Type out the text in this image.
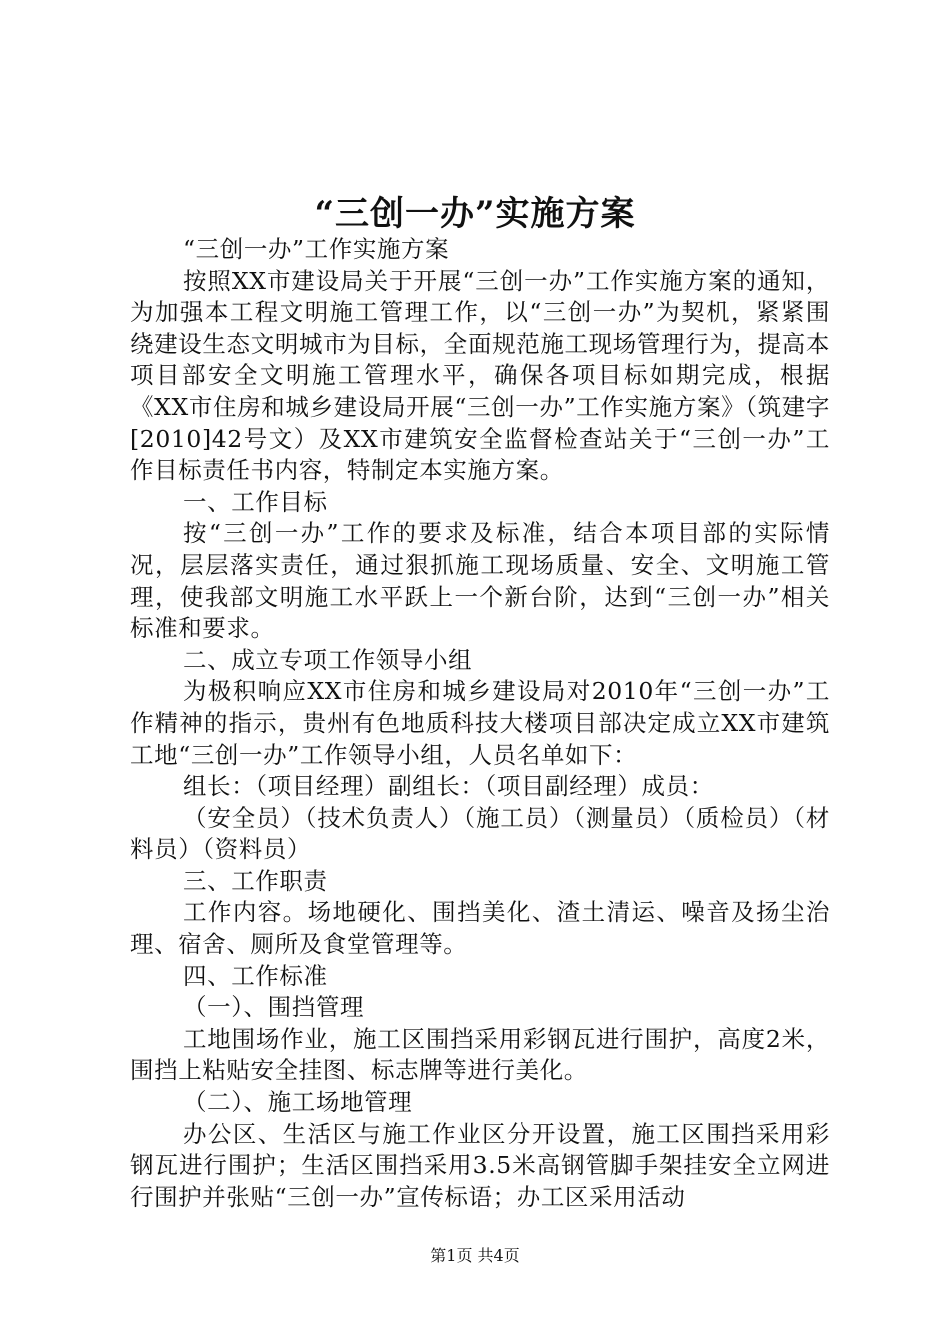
“三创一办”实施方案

“三创一办”工作实施方案

按照XX市建设局关于开展“三创一办”工作实施方案的通知，为加强本工程文明施工管理工作，以“三创一办”为契机，紧紧围绕建设生态文明城市为目标，全面规范施工现场管理行为，提高本项目部安全文明施工管理水平，确保各项目标如期完成，根据《XX市住房和城乡建设局开展“三创一办”工作实施方案》（筑建字[2010]42号文）及XX市建筑安全监督检查站关于“三创一办”工作目标责任书内容，特制定本实施方案。

一、工作目标

按“三创一办”工作的要求及标准，结合本项目部的实际情况，层层落实责任，通过狠抓施工现场质量、安全、文明施工管理，使我部文明施工水平跃上一个新台阶，达到“三创一办”相关标准和要求。

二、成立专项工作领导小组

为极积响应XX市住房和城乡建设局对2010年“三创一办”工作精神的指示，贵州有色地质科技大楼项目部决定成立XX市建筑工地“三创一办”工作领导小组，人员名单如下：

组长：（项目经理）副组长：（项目副经理）成员：

（安全员）（技术负责人）（施工员）（测量员）（质检员）（材料员）（资料员）

三、工作职责

工作内容。场地硬化、围挡美化、渣土清运、噪音及扬尘治理、宿舍、厕所及食堂管理等。

四、工作标准

（一）、围挡管理

工地围场作业，施工区围挡采用彩钢瓦进行围护，高度2米，围挡上粘贴安全挂图、标志牌等进行美化。

（二）、施工场地管理

办公区、生活区与施工作业区分开设置，施工区围挡采用彩钢瓦进行围护；生活区围挡采用3.5米高钢管脚手架挂安全立网进行围护并张贴“三创一办”宣传标语；办工区采用活动

第1页 共4页
